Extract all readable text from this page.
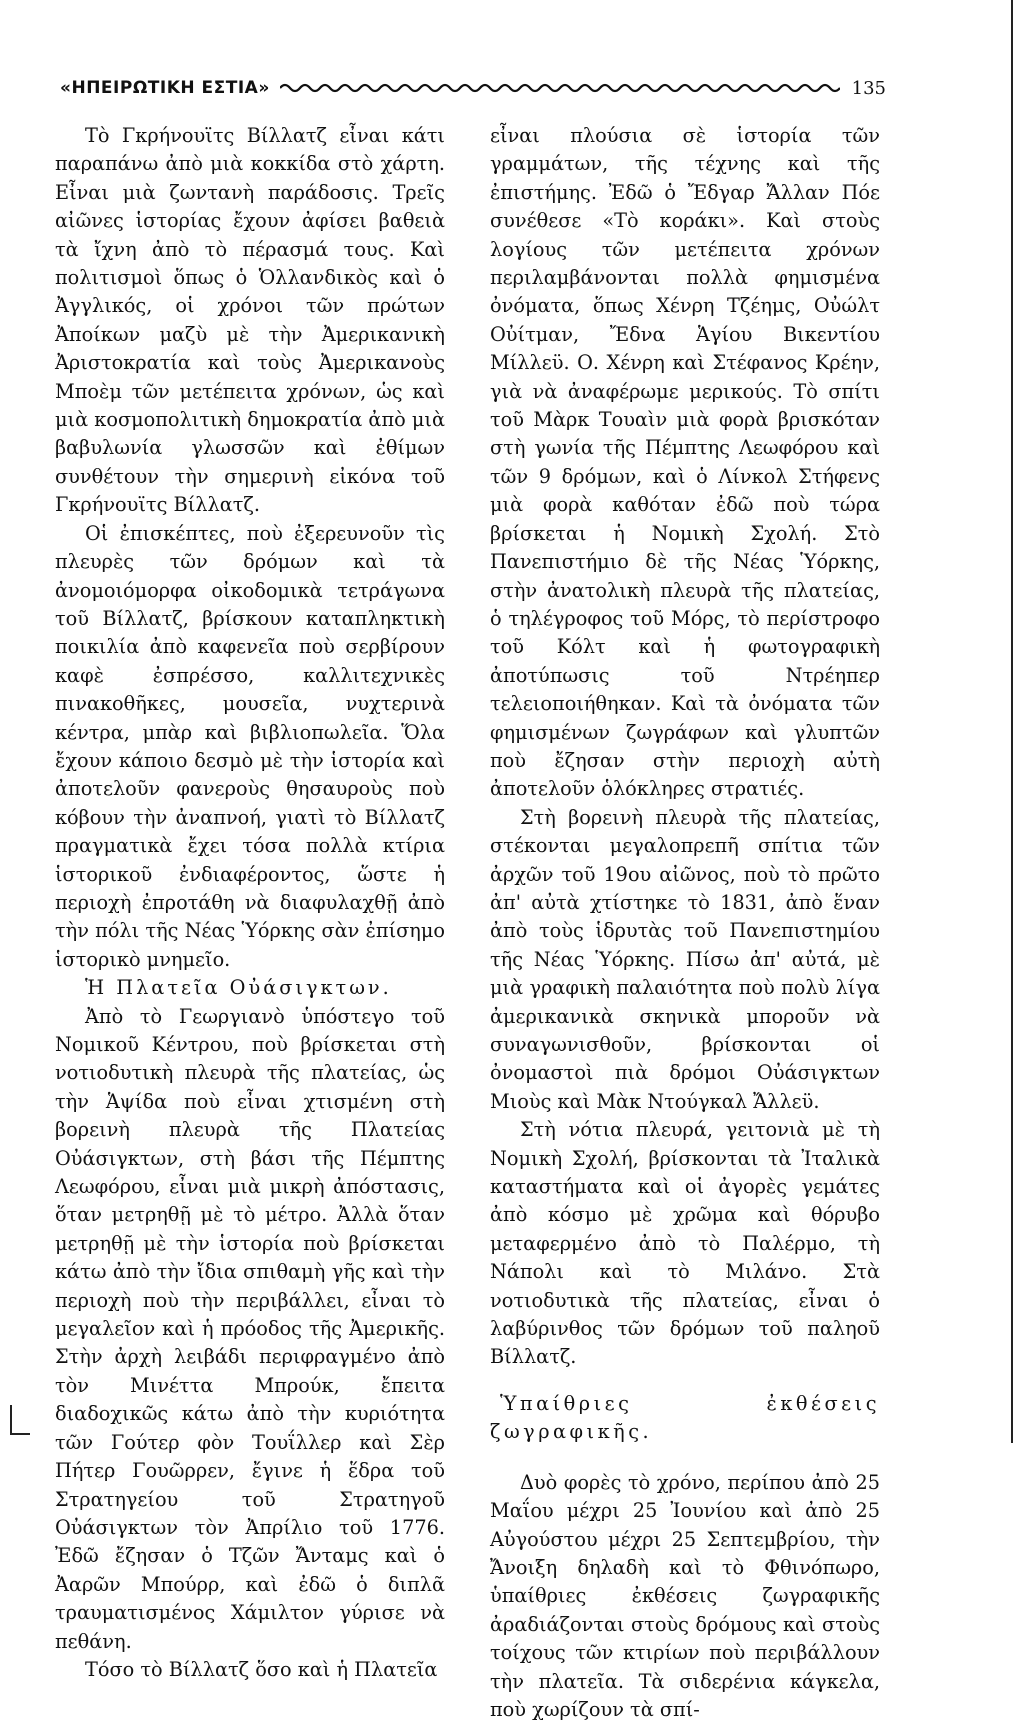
«ΗΠΕΙΡΩΤΙΚΗ ΕΣΤΙΑ»	135

Τὸ Γκρήνουϊτς Βίλλατζ εἶναι κάτι παραπάνω ἀπὸ μιὰ κοκκίδα στὸ χάρτη. Εἶναι μιὰ ζωντανὴ παράδοσις. Τρεῖς αἰῶνες ἱστορίας ἔχουν ἀφίσει βαθειὰ τὰ ἴχνη ἀπὸ τὸ πέρασμά τους. Καὶ πολιτισμοὶ ὅπως ὁ Ὁλλανδικὸς καὶ ὁ Ἀγγλικός, οἱ χρόνοι τῶν πρώτων Ἀποίκων μαζὺ μὲ τὴν Ἀμερικανικὴ Ἀριστοκρατία καὶ τοὺς Ἀμερικανοὺς Μποὲμ τῶν μετέπειτα χρόνων, ὡς καὶ μιὰ κοσμοπολιτικὴ δημοκρατία ἀπὸ μιὰ βαβυλωνία γλωσσῶν καὶ ἐθίμων συνθέτουν τὴν σημερινὴ εἰκόνα τοῦ Γκρήνουϊτς Βίλλατζ.

Οἱ ἐπισκέπτες, ποὺ ἐξερευνοῦν τὶς πλευρὲς τῶν δρόμων καὶ τὰ ἀνομοιόμορφα οἰκοδομικὰ τετράγωνα τοῦ Βίλλατζ, βρίσκουν καταπληκτικὴ ποικιλία ἀπὸ καφενεῖα ποὺ σερβίρουν καφὲ ἐσπρέσσο, καλλιτεχνικὲς πινακοθῆκες, μουσεῖα, νυχτερινὰ κέντρα, μπὰρ καὶ βιβλιοπωλεῖα. Ὅλα ἔχουν κάποιο δεσμὸ μὲ τὴν ἱστορία καὶ ἀποτελοῦν φανεροὺς θησαυροὺς ποὺ κόβουν τὴν ἀναπνοή, γιατὶ τὸ Βίλλατζ πραγματικὰ ἔχει τόσα πολλὰ κτίρια ἱστορικοῦ ἐνδιαφέροντος, ὥστε ἡ περιοχὴ ἐπροτάθη νὰ διαφυλαχθῇ ἀπὸ τὴν πόλι τῆς Νέας Ὑόρκης σὰν ἐπίσημο ἱστορικὸ μνημεῖο.

Ἡ Πλατεῖα Οὐάσιγκτων.

Ἀπὸ τὸ Γεωργιανὸ ὑπόστεγο τοῦ Νομικοῦ Κέντρου, ποὺ βρίσκεται στὴ νοτιοδυτικὴ πλευρὰ τῆς πλατείας, ὡς τὴν Ἁψίδα ποὺ εἶναι χτισμένη στὴ βορεινὴ πλευρὰ τῆς Πλατείας Οὐάσιγκτων, στὴ βάσι τῆς Πέμπτης Λεωφόρου, εἶναι μιὰ μικρὴ ἀπόστασις, ὅταν μετρηθῇ μὲ τὸ μέτρο. Ἀλλὰ ὅταν μετρηθῇ μὲ τὴν ἱστορία ποὺ βρίσκεται κάτω ἀπὸ τὴν ἴδια σπιθαμὴ γῆς καὶ τὴν περιοχὴ ποὺ τὴν περιβάλλει, εἶναι τὸ μεγαλεῖον καὶ ἡ πρόοδος τῆς Ἀμερικῆς. Στὴν ἀρχὴ λειβάδι περιφραγμένο ἀπὸ τὸν Μινέττα Μπρούκ, ἔπειτα διαδοχικῶς κάτω ἀπὸ τὴν κυριότητα τῶν Γούτερ φὸν Τουΐλλερ καὶ Σὲρ Πήτερ Γουῶρρεν, ἔγινε ἡ ἕδρα τοῦ Στρατηγείου τοῦ Στρατηγοῦ Οὐάσιγκτων τὸν Ἀπρίλιο τοῦ 1776. Ἐδῶ ἔζησαν ὁ Τζῶν Ἄνταμς καὶ ὁ Ἀαρῶν Μπούρρ, καὶ ἐδῶ ὁ διπλᾶ τραυματισμένος Χάμιλτον γύρισε νὰ πεθάνη.

Τόσο τὸ Βίλλατζ ὅσο καὶ ἡ Πλατεῖα

εἶναι πλούσια σὲ ἱστορία τῶν γραμμάτων, τῆς τέχνης καὶ τῆς ἐπιστήμης. Ἐδῶ ὁ Ἔδγαρ Ἄλλαν Πόε συνέθεσε «Τὸ κοράκι». Καὶ στοὺς λογίους τῶν μετέπειτα χρόνων περιλαμβάνονται πολλὰ φημισμένα ὀνόματα, ὅπως Χένρη Τζέημς, Οὐώλτ Οὐίτμαν, Ἔδνα Ἁγίου Βικεντίου Μίλλεϋ. Ο. Χένρη καὶ Στέφανος Κρέην, γιὰ νὰ ἀναφέρωμε μερικούς. Τὸ σπίτι τοῦ Μὰρκ Τουαὶν μιὰ φορὰ βρισκόταν στὴ γωνία τῆς Πέμπτης Λεωφόρου καὶ τῶν 9 δρόμων, καὶ ὁ Λίνκολ Στήφενς μιὰ φορὰ καθόταν ἐδῶ ποὺ τώρα βρίσκεται ἡ Νομικὴ Σχολή. Στὸ Πανεπιστήμιο δὲ τῆς Νέας Ὑόρκης, στὴν ἀνατολικὴ πλευρὰ τῆς πλατείας, ὁ τηλέγροφος τοῦ Μόρς, τὸ περίστροφο τοῦ Κόλτ καὶ ἡ φωτογραφικὴ ἀποτύπωσις τοῦ Ντρέηπερ τελειοποιήθηκαν. Καὶ τὰ ὀνόματα τῶν φημισμένων ζωγράφων καὶ γλυπτῶν ποὺ ἔζησαν στὴν περιοχὴ αὐτὴ ἀποτελοῦν ὁλόκληρες στρατιές.

Στὴ βορεινὴ πλευρὰ τῆς πλατείας, στέκονται μεγαλοπρεπῆ σπίτια τῶν ἀρχῶν τοῦ 19ου αἰῶνος, ποὺ τὸ πρῶτο ἀπ' αὐτὰ χτίστηκε τὸ 1831, ἀπὸ ἕναν ἀπὸ τοὺς ἱδρυτὰς τοῦ Πανεπιστημίου τῆς Νέας Ὑόρκης. Πίσω ἀπ' αὐτά, μὲ μιὰ γραφικὴ παλαιότητα ποὺ πολὺ λίγα ἀμερικανικὰ σκηνικὰ μποροῦν νὰ συναγωνισθοῦν, βρίσκονται οἱ ὀνομαστοὶ πιὰ δρόμοι Οὐάσιγκτων Μιοὺς καὶ Μὰκ Ντούγκαλ Ἄλλεϋ.

Στὴ νότια πλευρά, γειτονιὰ μὲ τὴ Νομικὴ Σχολή, βρίσκονται τὰ Ἰταλικὰ καταστήματα καὶ οἱ ἀγορὲς γεμάτες ἀπὸ κόσμο μὲ χρῶμα καὶ θόρυβο μεταφερμένο ἀπὸ τὸ Παλέρμο, τὴ Νάπολι καὶ τὸ Μιλάνο. Στὰ νοτιοδυτικὰ τῆς πλατείας, εἶναι ὁ λαβύρινθος τῶν δρόμων τοῦ παληοῦ Βίλλατζ.

Ὑπαίθριες ἐκθέσεις ζωγραφικῆς.

Δυὸ φορὲς τὸ χρόνο, περίπου ἀπὸ 25 Μαΐου μέχρι 25 Ἰουνίου καὶ ἀπὸ 25 Αὐγούστου μέχρι 25 Σεπτεμβρίου, τὴν Ἄνοιξη δηλαδὴ καὶ τὸ Φθινόπωρο, ὑπαίθριες ἐκθέσεις ζωγραφικῆς ἀραδιάζονται στοὺς δρόμους καὶ στοὺς τοίχους τῶν κτιρίων ποὺ περιβάλλουν τὴν πλατεῖα. Τὰ σιδερένια κάγκελα, ποὺ χωρίζουν τὰ σπί-
